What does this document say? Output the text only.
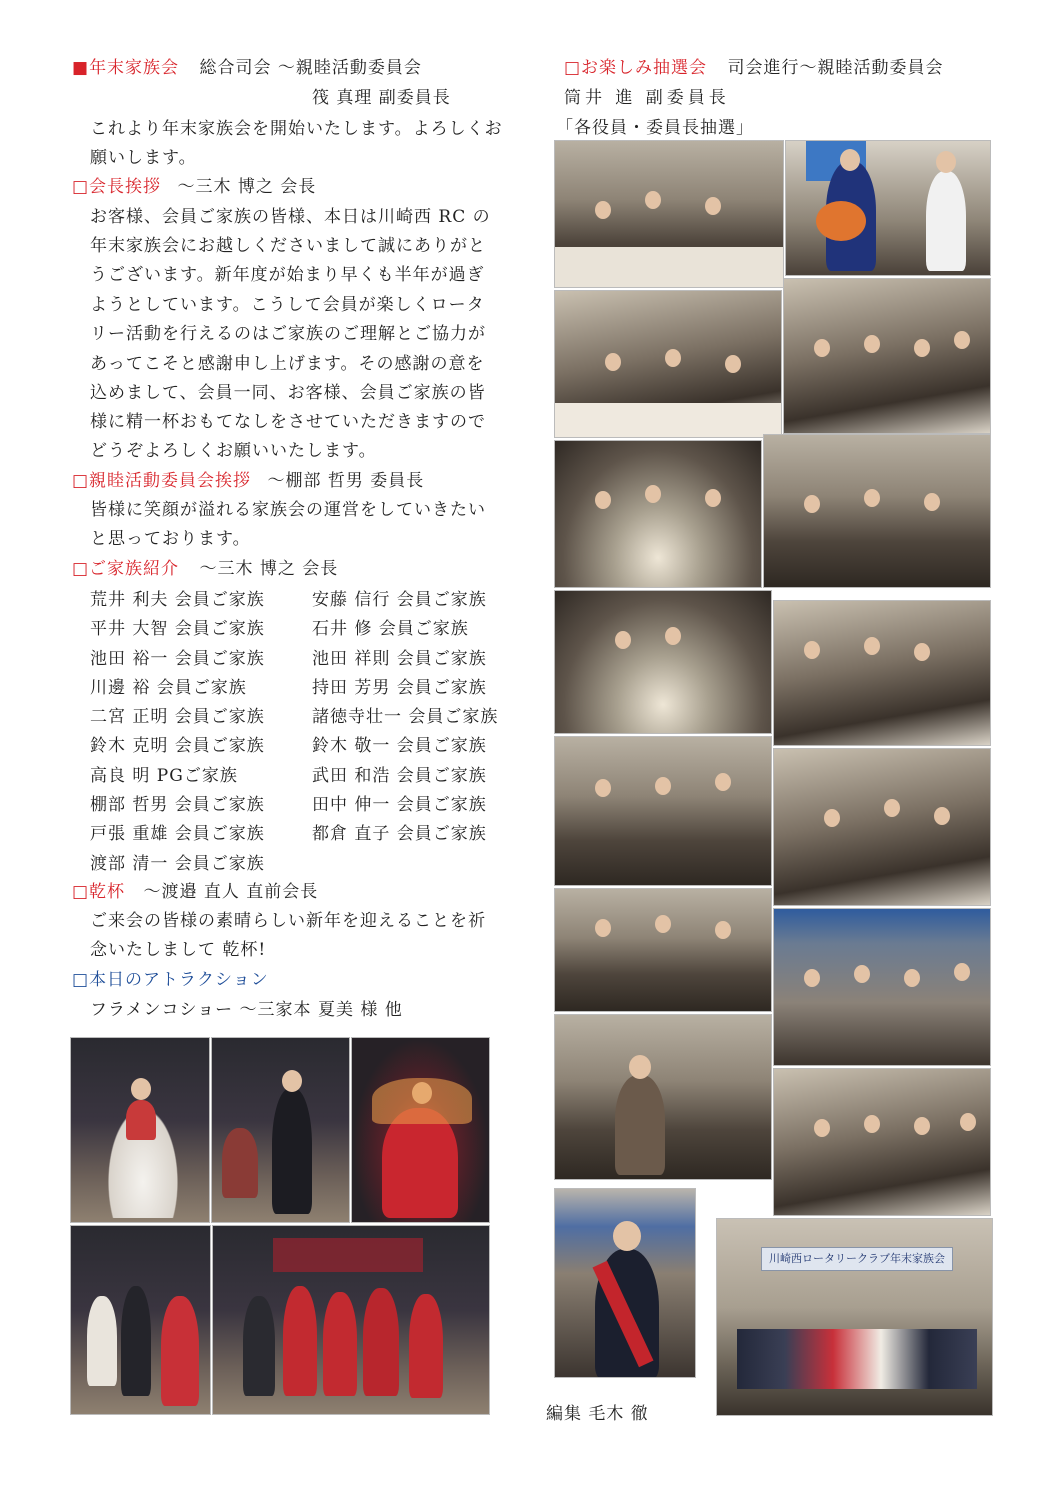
■年末家族会 総合司会 〜親睦活動委員会
筏 真理 副委員長
これより年末家族会を開始いたします。よろしくお
願いします。
□会長挨拶 〜三木 博之 会長
お客様、会員ご家族の皆様、本日は川崎西 RC の
年末家族会にお越しくださいまして誠にありがと
うございます。新年度が始まり早くも半年が過ぎ
ようとしています。こうして会員が楽しくロータ
リー活動を行えるのはご家族のご理解とご協力が
あってこそと感謝申し上げます。その感謝の意を
込めまして、会員一同、お客様、会員ご家族の皆
様に精一杯おもてなしをさせていただきますので
どうぞよろしくお願いいたします。
□親睦活動委員会挨拶 〜棚部 哲男 委員長
皆様に笑顔が溢れる家族会の運営をしていきたい
と思っております。
□ご家族紹介 〜三木 博之 会長
荒井 利夫 会員ご家族
平井 大智 会員ご家族
池田 裕一 会員ご家族
川邊 裕 会員ご家族
二宮 正明 会員ご家族
鈴木 克明 会員ご家族
高良 明 PGご家族
棚部 哲男 会員ご家族
戸張 重雄 会員ご家族
渡部 清一 会員ご家族
安藤 信行 会員ご家族
石井 修 会員ご家族
池田 祥則 会員ご家族
持田 芳男 会員ご家族
諸徳寺壮一 会員ご家族
鈴木 敬一 会員ご家族
武田 和浩 会員ご家族
田中 伸一 会員ご家族
都倉 直子 会員ご家族
□乾杯 〜渡邉 直人 直前会長
ご来会の皆様の素晴らしい新年を迎えることを祈
念いたしまして 乾杯!
□本日のアトラクション
フラメンコショー 〜三家本 夏美 様 他
□お楽しみ抽選会 司会進行〜親睦活動委員会
筒井 進 副委員長
「各役員・委員長抽選」
川崎西ロータリークラブ年末家族会
編集 毛木 徹
